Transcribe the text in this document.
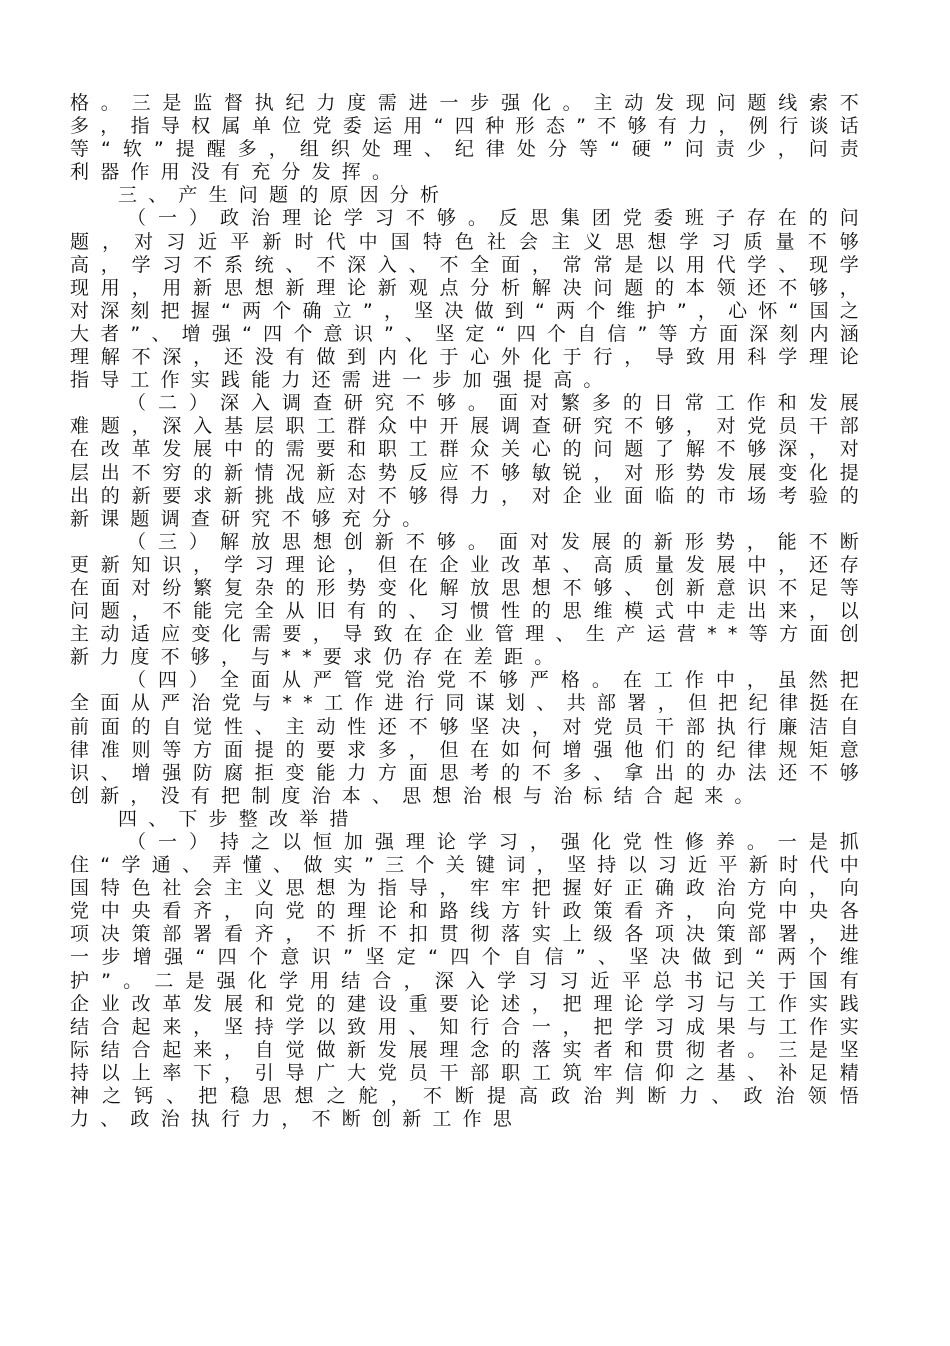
格。三是监督执纪力度需进一步强化。主动发现问题线索不多，指导权属单位党委运用“四种形态”不够有力，例行谈话等“软”提醒多，组织处理、纪律处分等“硬”问责少，问责利器作用没有充分发挥。

三、产生问题的原因分析

（一）政治理论学习不够。反思集团党委班子存在的问题，对习近平新时代中国特色社会主义思想学习质量不够高，学习不系统、不深入、不全面，常常是以用代学、现学现用，用新思想新理论新观点分析解决问题的本领还不够，对深刻把握“两个确立”，坚决做到“两个维护”，心怀“国之大者”、增强“四个意识”、坚定“四个自信”等方面深刻内涵理解不深，还没有做到内化于心外化于行，导致用科学理论指导工作实践能力还需进一步加强提高。

（二）深入调查研究不够。面对繁多的日常工作和发展难题，深入基层职工群众中开展调查研究不够，对党员干部在改革发展中的需要和职工群众关心的问题了解不够深，对层出不穷的新情况新态势反应不够敏锐，对形势发展变化提出的新要求新挑战应对不够得力，对企业面临的市场考验的新课题调查研究不够充分。

（三）解放思想创新不够。面对发展的新形势，能不断更新知识，学习理论，但在企业改革、高质量发展中，还存在面对纷繁复杂的形势变化解放思想不够、创新意识不足等问题，不能完全从旧有的、习惯性的思维模式中走出来，以主动适应变化需要，导致在企业管理、生产运营**等方面创新力度不够，与**要求仍存在差距。

（四）全面从严管党治党不够严格。在工作中，虽然把全面从严治党与**工作进行同谋划、共部署，但把纪律挺在前面的自觉性、主动性还不够坚决，对党员干部执行廉洁自律准则等方面提的要求多，但在如何增强他们的纪律规矩意识、增强防腐拒变能力方面思考的不多、拿出的办法还不够创新，没有把制度治本、思想治根与治标结合起来。

四、下步整改举措

（一）持之以恒加强理论学习，强化党性修养。一是抓住“学通、弄懂、做实”三个关键词，坚持以习近平新时代中国特色社会主义思想为指导，牢牢把握好正确政治方向，向党中央看齐，向党的理论和路线方针政策看齐，向党中央各项决策部署看齐，不折不扣贯彻落实上级各项决策部署，进一步增强“四个意识”坚定“四个自信”、坚决做到“两个维护”。二是强化学用结合，深入学习习近平总书记关于国有企业改革发展和党的建设重要论述，把理论学习与工作实践结合起来，坚持学以致用、知行合一，把学习成果与工作实际结合起来，自觉做新发展理念的落实者和贯彻者。三是坚持以上率下，引导广大党员干部职工筑牢信仰之基、补足精神之钙、把稳思想之舵，不断提高政治判断力、政治领悟力、政治执行力，不断创新工作思
